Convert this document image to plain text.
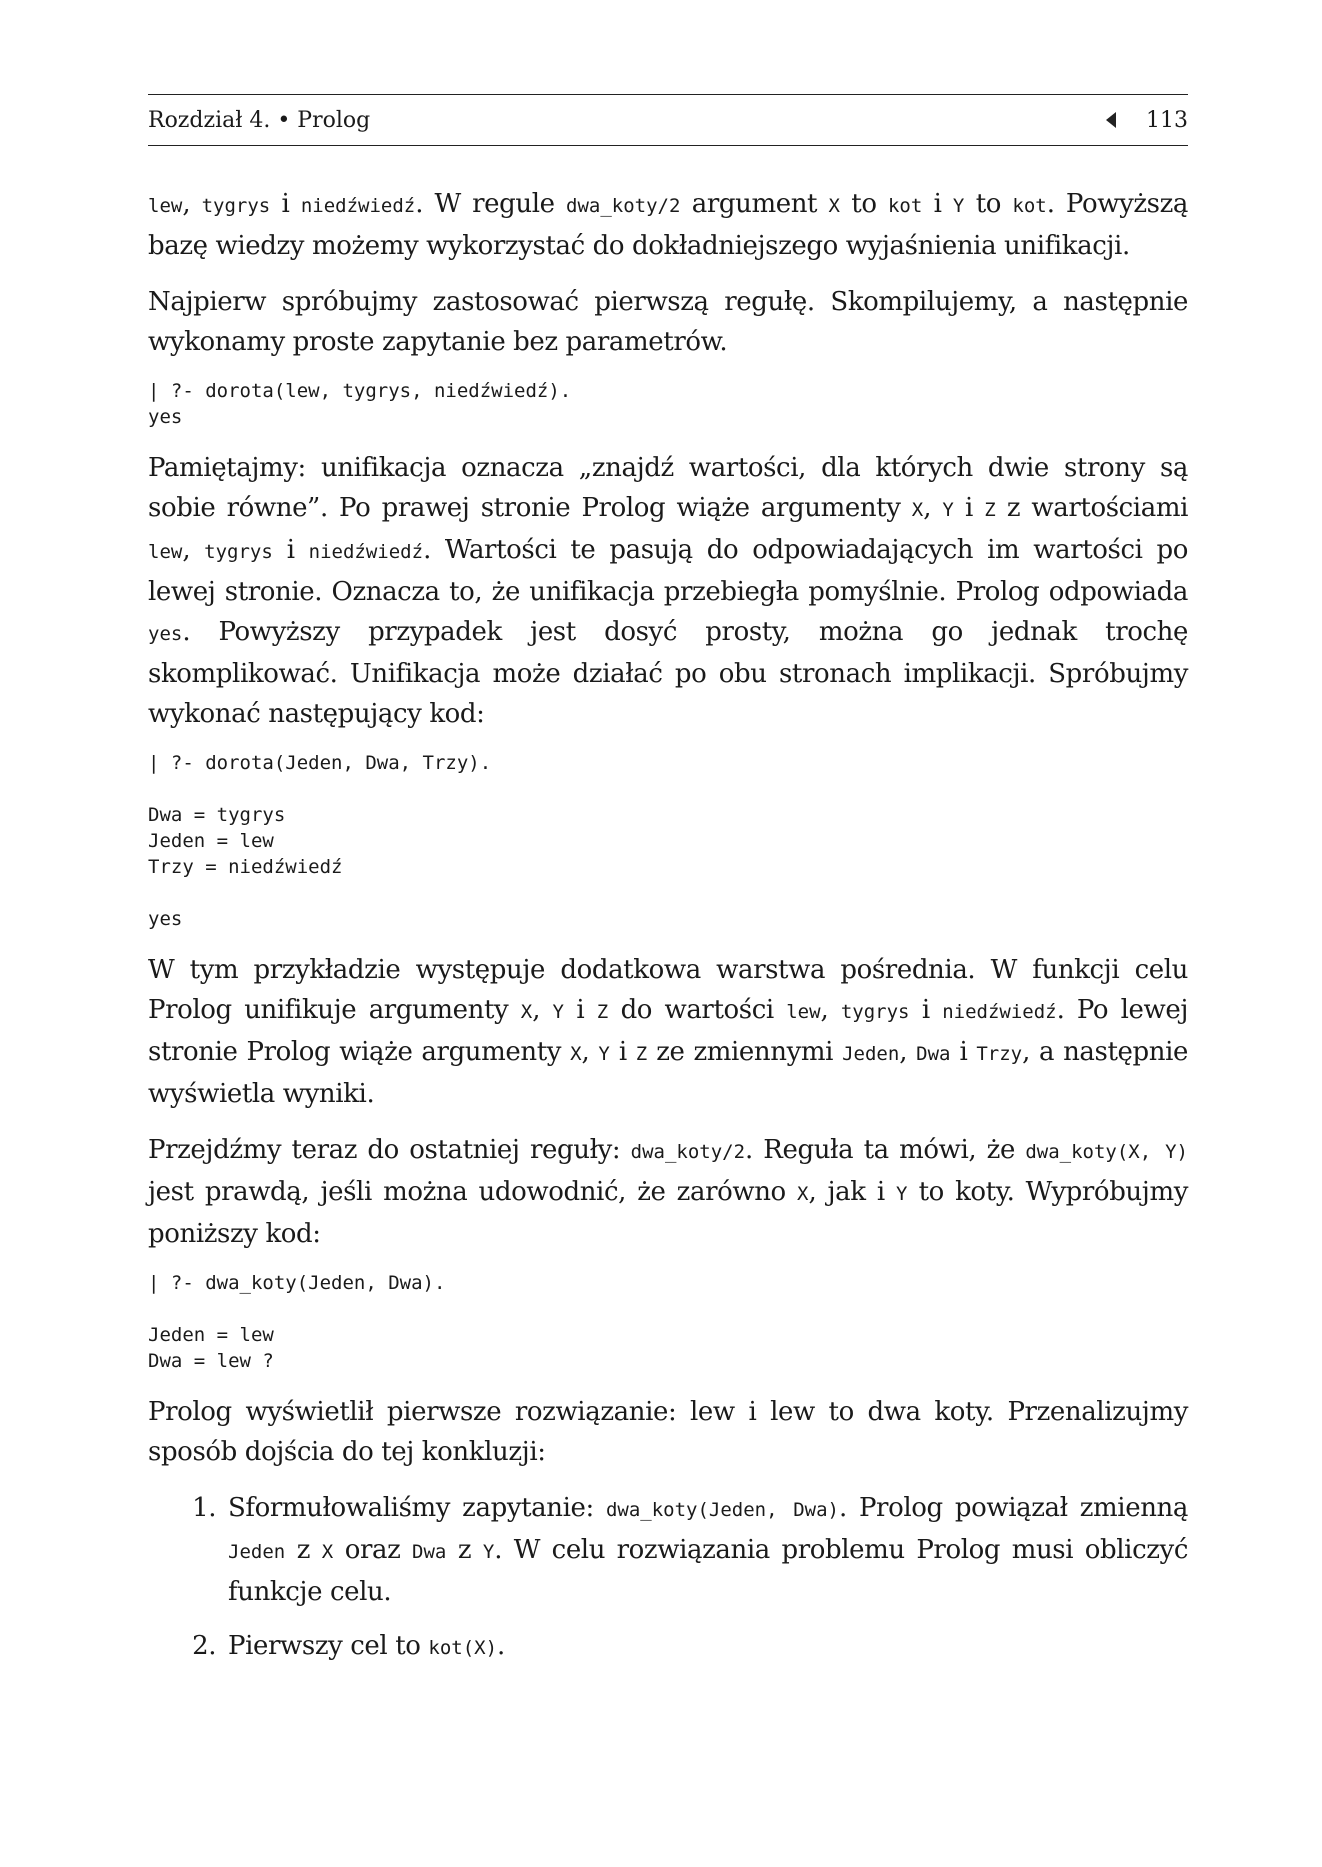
Rozdział 4. • Prolog	113

lew, tygrys i niedźwiedź. W regule dwa_koty/2 argument X to kot i Y to kot. Powyższą bazę wiedzy możemy wykorzystać do dokładniejszego wyjaśnienia unifikacji.

Najpierw spróbujmy zastosować pierwszą regułę. Skompilujemy, a następnie wykonamy proste zapytanie bez parametrów.

| ?- dorota(lew, tygrys, niedźwiedź).
yes

Pamiętajmy: unifikacja oznacza „znajdź wartości, dla których dwie strony są sobie równe”. Po prawej stronie Prolog wiąże argumenty X, Y i Z z wartościami lew, tygrys i niedźwiedź. Wartości te pasują do odpowiadających im wartości po lewej stronie. Oznacza to, że unifikacja przebiegła pomyślnie. Prolog odpowiada yes. Powyższy przypadek jest dosyć prosty, można go jednak trochę skomplikować. Unifikacja może działać po obu stronach implikacji. Spróbujmy wykonać następujący kod:

| ?- dorota(Jeden, Dwa, Trzy).

Dwa = tygrys
Jeden = lew
Trzy = niedźwiedź

yes

W tym przykładzie występuje dodatkowa warstwa pośrednia. W funkcji celu Prolog unifikuje argumenty X, Y i Z do wartości lew, tygrys i niedźwiedź. Po lewej stronie Prolog wiąże argumenty X, Y i Z ze zmiennymi Jeden, Dwa i Trzy, a następnie wyświetla wyniki.

Przejdźmy teraz do ostatniej reguły: dwa_koty/2. Reguła ta mówi, że dwa_koty(X, Y) jest prawdą, jeśli można udowodnić, że zarówno X, jak i Y to koty. Wypróbujmy poniższy kod:

| ?- dwa_koty(Jeden, Dwa).

Jeden = lew
Dwa = lew ?

Prolog wyświetlił pierwsze rozwiązanie: lew i lew to dwa koty. Przenalizujmy sposób dojścia do tej konkluzji:

1. Sformułowaliśmy zapytanie: dwa_koty(Jeden, Dwa). Prolog powiązał zmienną Jeden z X oraz Dwa z Y. W celu rozwiązania problemu Prolog musi obliczyć funkcje celu.
2. Pierwszy cel to kot(X).
